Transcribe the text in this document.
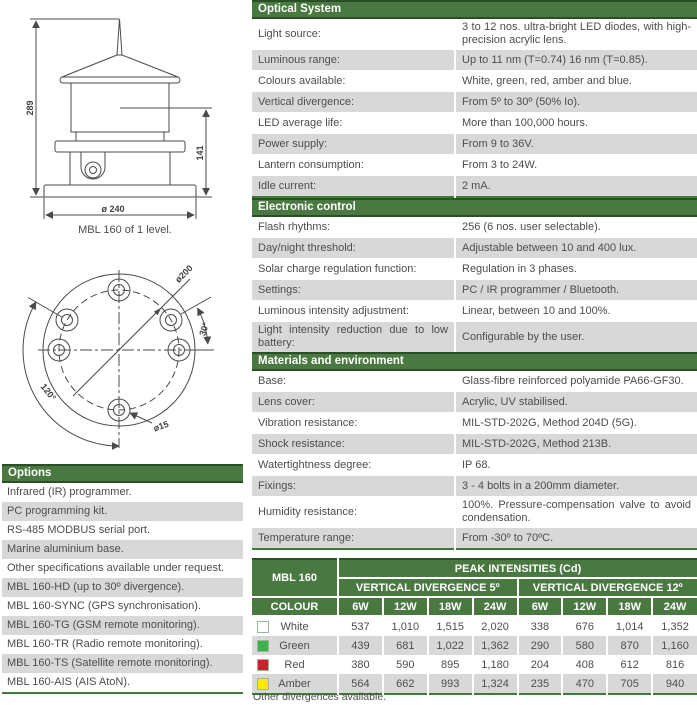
289
141
ø 240
MBL 160 of 1 level.
ø200
30°
120°
ø15
Options
Infrared (IR) programmer.
PC programming kit.
RS-485 MODBUS serial port.
Marine aluminium base.
Other specifications available under request.
MBL 160-HD (up to 30º divergence).
MBL 160-SYNC (GPS synchronisation).
MBL 160-TG (GSM remote monitoring).
MBL 160-TR (Radio remote monitoring).
MBL 160-TS (Satellite remote monitoring).
MBL 160-AIS (AIS AtoN).
Optical System
Light source:	3 to 12 nos. ultra-bright LED diodes, with high-precision acrylic lens.
Luminous range:	Up to 11 nm (T=0.74) 16 nm (T=0.85).
Colours available:	White, green, red, amber and blue.
Vertical divergence:	From 5º to 30º (50% Io).
LED average life:	More than 100,000 hours.
Power supply:	From 9 to 36V.
Lantern consumption:	From 3 to 24W.
Idle current:	2 mA.
Electronic control
Flash rhythms:	256 (6 nos. user selectable).
Day/night threshold:	Adjustable between 10 and 400 lux.
Solar charge regulation function:	Regulation in 3 phases.
Settings:	PC / IR programmer / Bluetooth.
Luminous intensity adjustment:	Linear, between 10 and 100%.
Light intensity reduction due to low battery:	Configurable by the user.
Materials and environment
Base:	Glass-fibre reinforced polyamide PA66-GF30.
Lens cover:	Acrylic, UV stabilised.
Vibration resistance:	MIL-STD-202G, Method 204D (5G).
Shock resistance:	MIL-STD-202G, Method 213B.
Watertightness degree:	IP 68.
Fixings:	3 - 4 bolts in a 200mm diameter.
Humidity resistance:	100%. Pressure-compensation valve to avoid condensation.
Temperature range:	From -30º to 70ºC.
MBL 160	PEAK INTENSITIES (Cd)							
	VERTICAL DIVERGENCE 5º				VERTICAL DIVERGENCE 12º			
COLOUR	6W	12W	18W	24W	6W	12W	18W	24W

White	537	1,010	1,515	2,020	338	676	1,014	1,352

Green	439	681	1,022	1,362	290	580	870	1,160

Red	380	590	895	1,180	204	408	612	816

Amber	564	662	993	1,324	235	470	705	940
Other divergences available.
